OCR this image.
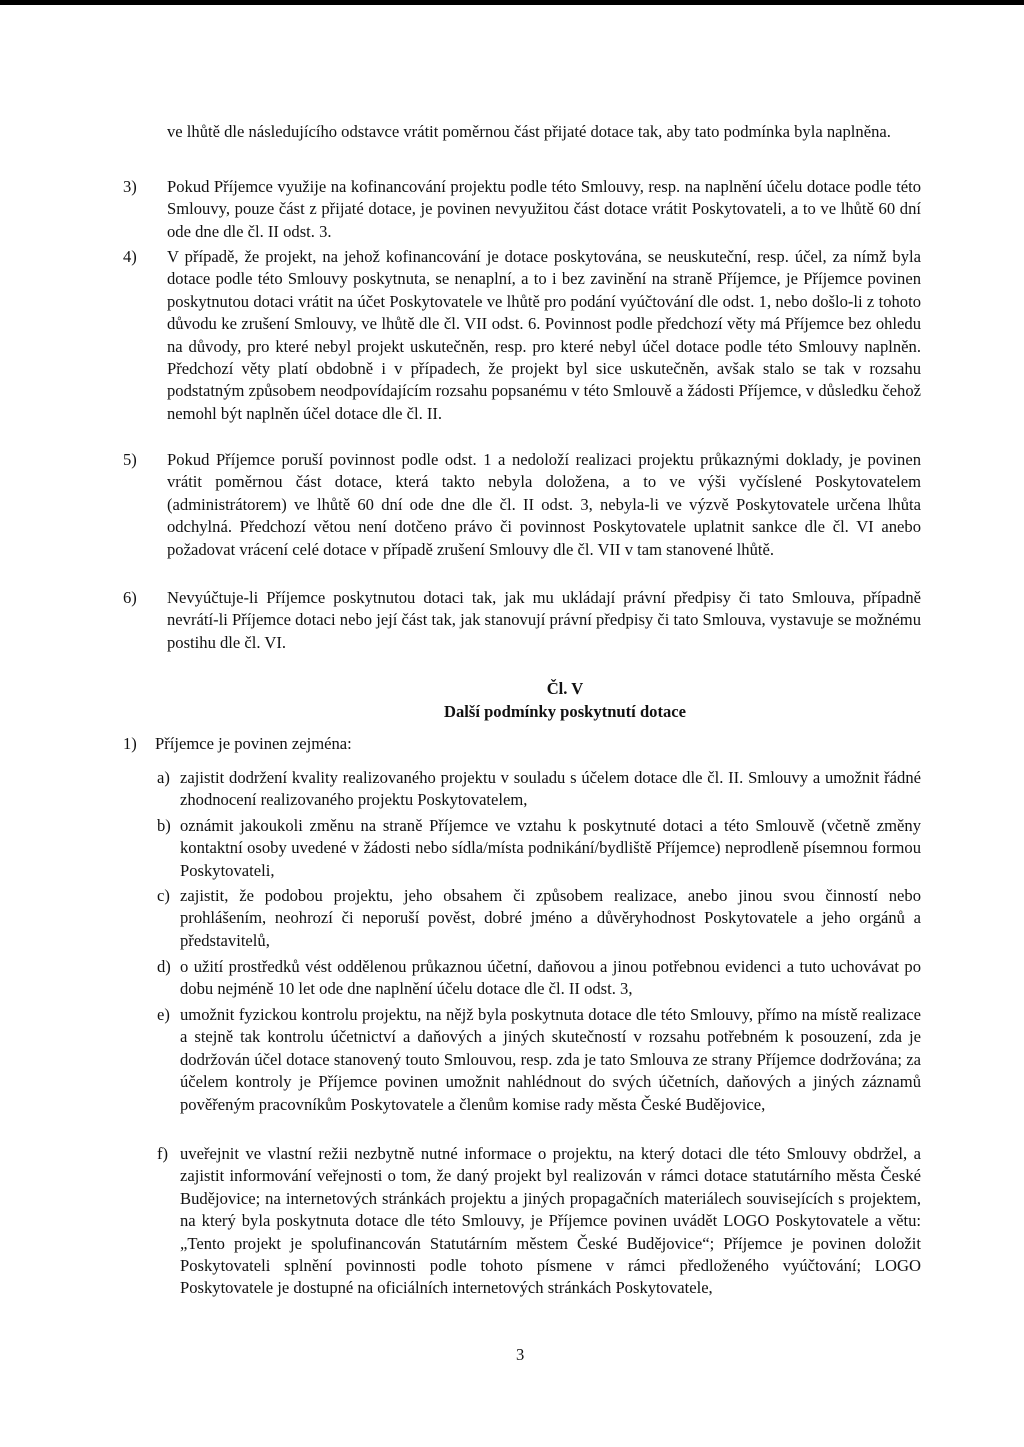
ve lhůtě dle následujícího odstavce vrátit poměrnou část přijaté dotace tak, aby tato podmínka byla naplněna.
3) Pokud Příjemce využije na kofinancování projektu podle této Smlouvy, resp. na naplnění účelu dotace podle této Smlouvy, pouze část z přijaté dotace, je povinen nevyužitou část dotace vrátit Poskytovateli, a to ve lhůtě 60 dní ode dne dle čl. II odst. 3.
4) V případě, že projekt, na jehož kofinancování je dotace poskytována, se neuskuteční, resp. účel, za nímž byla dotace podle této Smlouvy poskytnuta, se nenaplní, a to i bez zavinění na straně Příjemce, je Příjemce povinen poskytnutou dotaci vrátit na účet Poskytovatele ve lhůtě pro podání vyúčtování dle odst. 1, nebo došlo-li z tohoto důvodu ke zrušení Smlouvy, ve lhůtě dle čl. VII odst. 6. Povinnost podle předchozí věty má Příjemce bez ohledu na důvody, pro které nebyl projekt uskutečněn, resp. pro které nebyl účel dotace podle této Smlouvy naplněn. Předchozí věty platí obdobně i v případech, že projekt byl sice uskutečněn, avšak stalo se tak v rozsahu podstatným způsobem neodpovídajícím rozsahu popsanému v této Smlouvě a žádosti Příjemce, v důsledku čehož nemohl být naplněn účel dotace dle čl. II.
5) Pokud Příjemce poruší povinnost podle odst. 1 a nedoloží realizaci projektu průkaznými doklady, je povinen vrátit poměrnou část dotace, která takto nebyla doložena, a to ve výši vyčíslené Poskytovatelem (administrátorem) ve lhůtě 60 dní ode dne dle čl. II odst. 3, nebyla-li ve výzvě Poskytovatele určena lhůta odchylná. Předchozí větou není dotčeno právo či povinnost Poskytovatele uplatnit sankce dle čl. VI anebo požadovat vrácení celé dotace v případě zrušení Smlouvy dle čl. VII v tam stanovené lhůtě.
6) Nevyúčtuje-li Příjemce poskytnutou dotaci tak, jak mu ukládají právní předpisy či tato Smlouva, případně nevrátí-li Příjemce dotaci nebo její část tak, jak stanovují právní předpisy či tato Smlouva, vystavuje se možnému postihu dle čl. VI.
Čl. V
Další podmínky poskytnutí dotace
1) Příjemce je povinen zejména:
a) zajistit dodržení kvality realizovaného projektu v souladu s účelem dotace dle čl. II. Smlouvy a umožnit řádné zhodnocení realizovaného projektu Poskytovatelem,
b) oznámit jakoukoli změnu na straně Příjemce ve vztahu k poskytnuté dotaci a této Smlouvě (včetně změny kontaktní osoby uvedené v žádosti nebo sídla/místa podnikání/bydliště Příjemce) neprodleně písemnou formou Poskytovateli,
c) zajistit, že podobou projektu, jeho obsahem či způsobem realizace, anebo jinou svou činností nebo prohlášením, neohrozí či neporuší pověst, dobré jméno a důvěryhodnost Poskytovatele a jeho orgánů a představitelů,
d) o užití prostředků vést oddělenou průkaznou účetní, daňovou a jinou potřebnou evidenci a tuto uchovávat po dobu nejméně 10 let ode dne naplnění účelu dotace dle čl. II odst. 3,
e) umožnit fyzickou kontrolu projektu, na nějž byla poskytnuta dotace dle této Smlouvy, přímo na místě realizace a stejně tak kontrolu účetnictví a daňových a jiných skutečností v rozsahu potřebném k posouzení, zda je dodržován účel dotace stanovený touto Smlouvou, resp. zda je tato Smlouva ze strany Příjemce dodržována; za účelem kontroly je Příjemce povinen umožnit nahlédnout do svých účetních, daňových a jiných záznamů pověřeným pracovníkům Poskytovatele a členům komise rady města České Budějovice,
f) uveřejnit ve vlastní režii nezbytně nutné informace o projektu, na který dotaci dle této Smlouvy obdržel, a zajistit informování veřejnosti o tom, že daný projekt byl realizován v rámci dotace statutárního města České Budějovice; na internetových stránkách projektu a jiných propagačních materiálech souvisejících s projektem, na který byla poskytnuta dotace dle této Smlouvy, je Příjemce povinen uvádět LOGO Poskytovatele a větu: „Tento projekt je spolufinancován Statutárním městem České Budějovice“; Příjemce je povinen doložit Poskytovateli splnění povinnosti podle tohoto písmene v rámci předloženého vyúčtování; LOGO Poskytovatele je dostupné na oficiálních internetových stránkách Poskytovatele,
3
